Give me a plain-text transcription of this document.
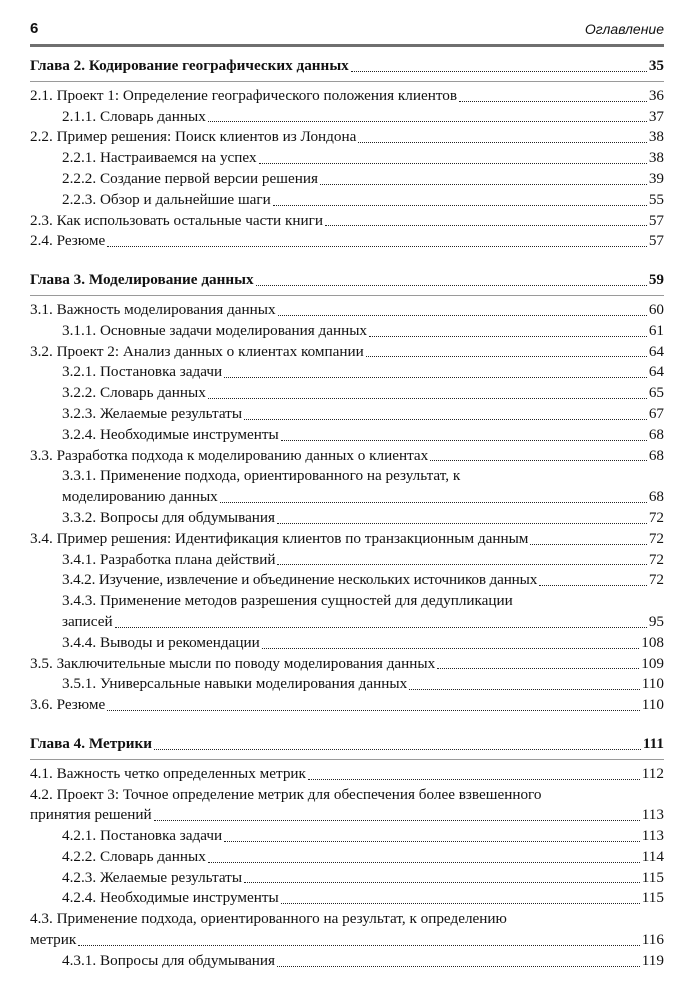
6	Оглавление
Глава 2. Кодирование географических данных	35
2.1. Проект 1: Определение географического положения клиентов	36
2.1.1. Словарь данных	37
2.2. Пример решения: Поиск клиентов из Лондона	38
2.2.1. Настраиваемся на успех	38
2.2.2. Создание первой версии решения	39
2.2.3. Обзор и дальнейшие шаги	55
2.3. Как использовать остальные части книги	57
2.4. Резюме	57
Глава 3. Моделирование данных	59
3.1. Важность моделирования данных	60
3.1.1. Основные задачи моделирования данных	61
3.2. Проект 2: Анализ данных о клиентах компании	64
3.2.1. Постановка задачи	64
3.2.2. Словарь данных	65
3.2.3. Желаемые результаты	67
3.2.4. Необходимые инструменты	68
3.3. Разработка подхода к моделированию данных о клиентах	68
3.3.1. Применение подхода, ориентированного на результат, к
моделированию данных	68
3.3.2. Вопросы для обдумывания	72
3.4. Пример решения: Идентификация клиентов по транзакционным данным	72
3.4.1. Разработка плана действий	72
3.4.2. Изучение, извлечение и объединение нескольких источников данных	72
3.4.3. Применение методов разрешения сущностей для дедупликации
записей	95
3.4.4. Выводы и рекомендации	108
3.5. Заключительные мысли по поводу моделирования данных	109
3.5.1. Универсальные навыки моделирования данных	110
3.6. Резюме	110
Глава 4. Метрики	111
4.1. Важность четко определенных метрик	112
4.2. Проект 3: Точное определение метрик для обеспечения более взвешенного
принятия решений	113
4.2.1. Постановка задачи	113
4.2.2. Словарь данных	114
4.2.3. Желаемые результаты	115
4.2.4. Необходимые инструменты	115
4.3. Применение подхода, ориентированного на результат, к определению
метрик	116
4.3.1. Вопросы для обдумывания	119
